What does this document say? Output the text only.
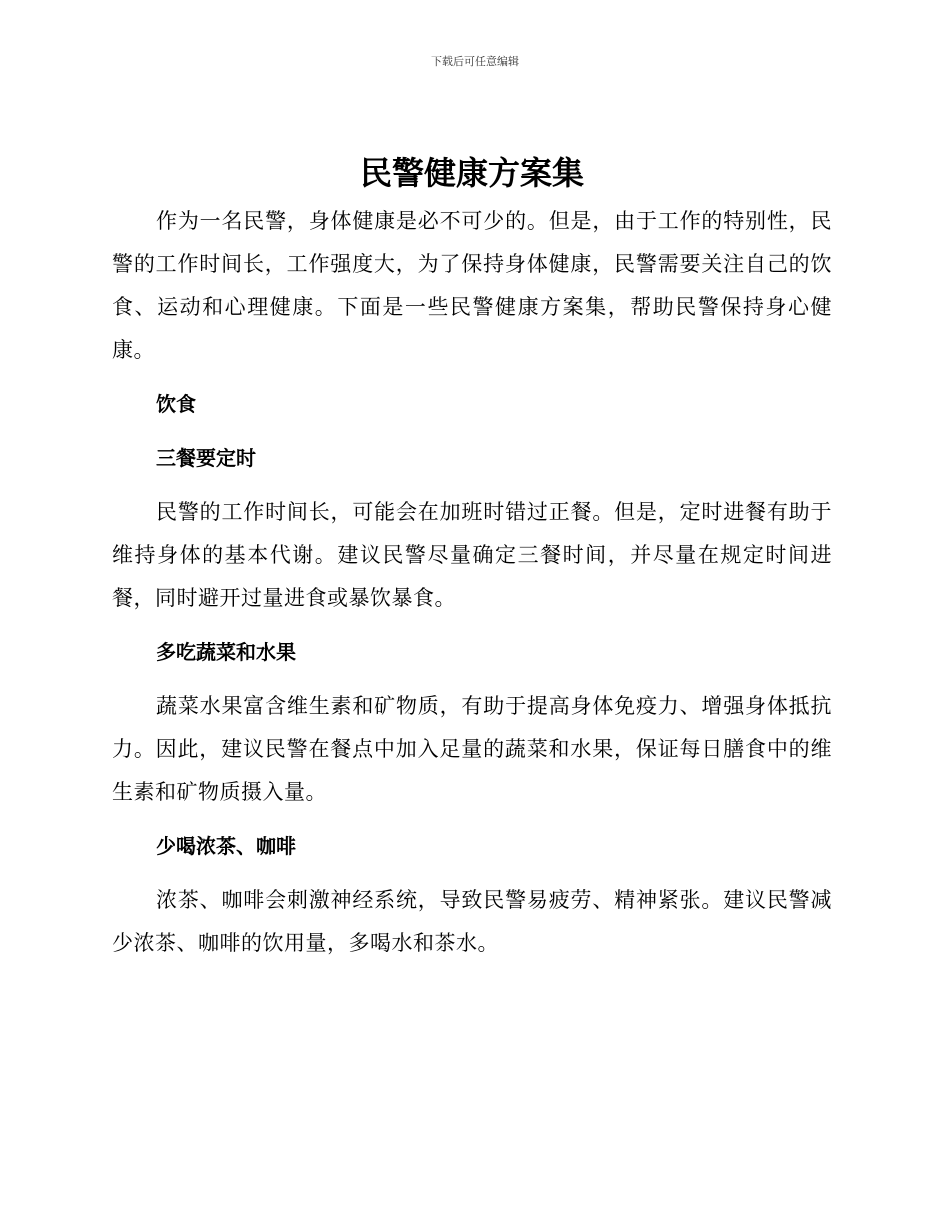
下载后可任意编辑
民警健康方案集

作为一名民警，身体健康是必不可少的。但是，由于工作的特别性，民警的工作时间长，工作强度大，为了保持身体健康，民警需要关注自己的饮食、运动和心理健康。下面是一些民警健康方案集，帮助民警保持身心健康。

饮食
三餐要定时

民警的工作时间长，可能会在加班时错过正餐。但是，定时进餐有助于维持身体的基本代谢。建议民警尽量确定三餐时间，并尽量在规定时间进餐，同时避开过量进食或暴饮暴食。

多吃蔬菜和水果

蔬菜水果富含维生素和矿物质，有助于提高身体免疫力、增强身体抵抗力。因此，建议民警在餐点中加入足量的蔬菜和水果，保证每日膳食中的维生素和矿物质摄入量。

少喝浓茶、咖啡

浓茶、咖啡会刺激神经系统，导致民警易疲劳、精神紧张。建议民警减少浓茶、咖啡的饮用量，多喝水和茶水。
